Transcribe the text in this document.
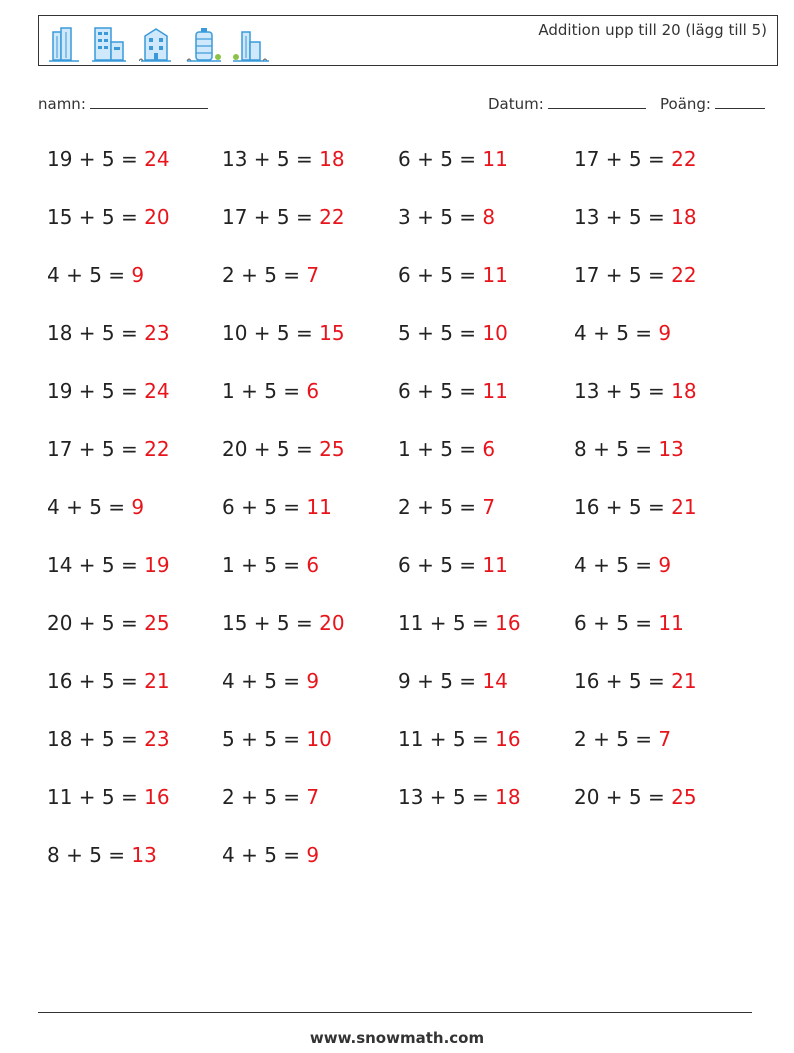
Addition upp till 20 (lägg till 5)
namn:	Datum:	Poäng:
19 + 5 = 24	13 + 5 = 18	6 + 5 = 11	17 + 5 = 22
15 + 5 = 20	17 + 5 = 22	3 + 5 = 8	13 + 5 = 18
4 + 5 = 9	2 + 5 = 7	6 + 5 = 11	17 + 5 = 22
18 + 5 = 23	10 + 5 = 15	5 + 5 = 10	4 + 5 = 9
19 + 5 = 24	1 + 5 = 6	6 + 5 = 11	13 + 5 = 18
17 + 5 = 22	20 + 5 = 25	1 + 5 = 6	8 + 5 = 13
4 + 5 = 9	6 + 5 = 11	2 + 5 = 7	16 + 5 = 21
14 + 5 = 19	1 + 5 = 6	6 + 5 = 11	4 + 5 = 9
20 + 5 = 25	15 + 5 = 20	11 + 5 = 16	6 + 5 = 11
16 + 5 = 21	4 + 5 = 9	9 + 5 = 14	16 + 5 = 21
18 + 5 = 23	5 + 5 = 10	11 + 5 = 16	2 + 5 = 7
11 + 5 = 16	2 + 5 = 7	13 + 5 = 18	20 + 5 = 25
8 + 5 = 13	4 + 5 = 9
www.snowmath.com
